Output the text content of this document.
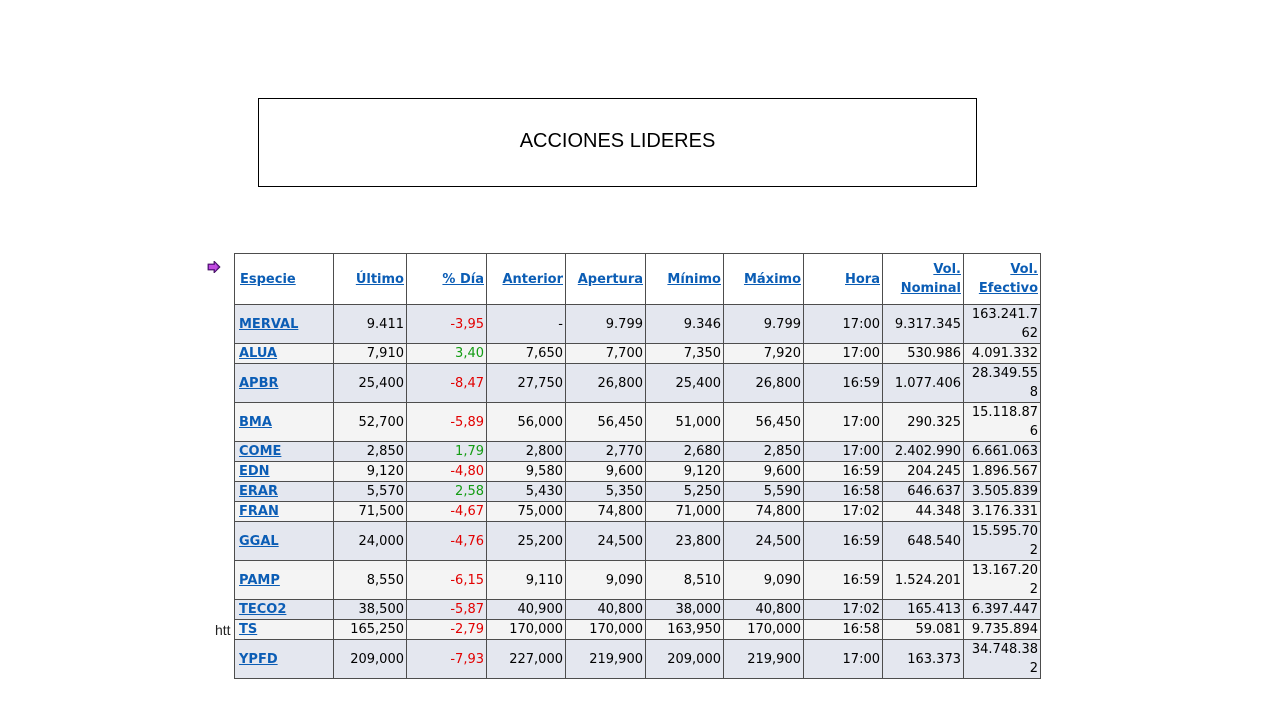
ACCIONES LIDERES
htt
Especie	Último	% Día	Anterior	Apertura	Mínimo	Máximo	Hora	Vol. Nominal	Vol. Efectivo
MERVAL	9.411	-3,95	-	9.799	9.346	9.799	17:00	9.317.345	163.241.762
ALUA	7,910	3,40	7,650	7,700	7,350	7,920	17:00	530.986	4.091.332
APBR	25,400	-8,47	27,750	26,800	25,400	26,800	16:59	1.077.406	28.349.558
BMA	52,700	-5,89	56,000	56,450	51,000	56,450	17:00	290.325	15.118.876
COME	2,850	1,79	2,800	2,770	2,680	2,850	17:00	2.402.990	6.661.063
EDN	9,120	-4,80	9,580	9,600	9,120	9,600	16:59	204.245	1.896.567
ERAR	5,570	2,58	5,430	5,350	5,250	5,590	16:58	646.637	3.505.839
FRAN	71,500	-4,67	75,000	74,800	71,000	74,800	17:02	44.348	3.176.331
GGAL	24,000	-4,76	25,200	24,500	23,800	24,500	16:59	648.540	15.595.702
PAMP	8,550	-6,15	9,110	9,090	8,510	9,090	16:59	1.524.201	13.167.202
TECO2	38,500	-5,87	40,900	40,800	38,000	40,800	17:02	165.413	6.397.447
TS	165,250	-2,79	170,000	170,000	163,950	170,000	16:58	59.081	9.735.894
YPFD	209,000	-7,93	227,000	219,900	209,000	219,900	17:00	163.373	34.748.382
